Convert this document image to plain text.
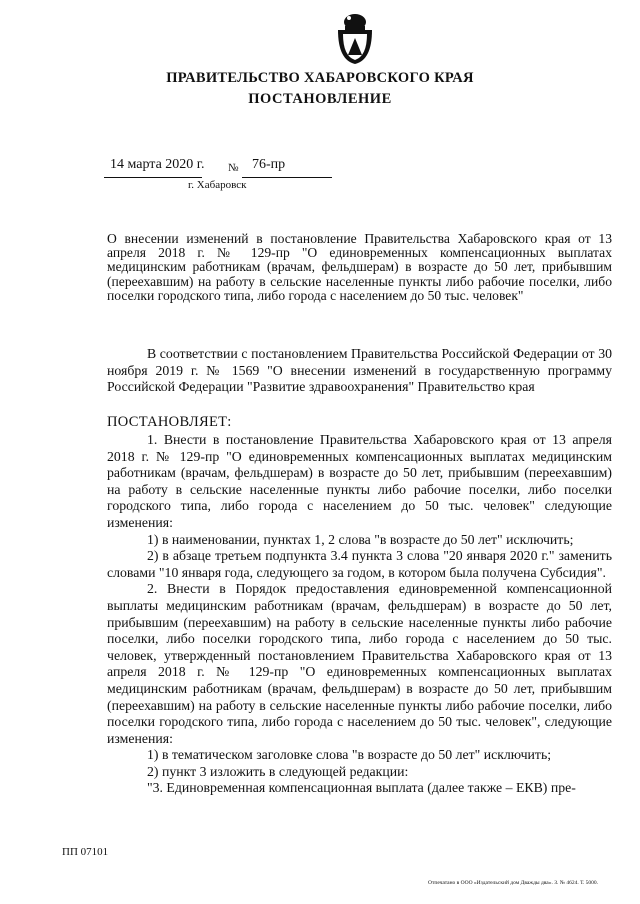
ПРАВИТЕЛЬСТВО ХАБАРОВСКОГО КРАЯ
ПОСТАНОВЛЕНИЕ
14 марта 2020 г. № 76-пр
г. Хабаровск
О внесении изменений в постановление Правительства Хабаровского края от 13 апреля 2018 г. № 129-пр "О единовременных компенсационных выплатах медицинским работникам (врачам, фельдшерам) в возрасте до 50 лет, прибывшим (переехавшим) на работу в сельские населенные пункты либо рабочие поселки, либо поселки городского типа, либо города с населением до 50 тыс. человек"

В соответствии с постановлением Правительства Российской Федерации от 30 ноября 2019 г. № 1569 "О внесении изменений в государственную программу Российской Федерации "Развитие здравоохранения" Правительство края

ПОСТАНОВЛЯЕТ:

1. Внести в постановление Правительства Хабаровского края от 13 апреля 2018 г. № 129-пр "О единовременных компенсационных выплатах медицинским работникам (врачам, фельдшерам) в возрасте до 50 лет, прибывшим (переехавшим) на работу в сельские населенные пункты либо рабочие поселки, либо поселки городского типа, либо города с населением до 50 тыс. человек" следующие изменения:

1) в наименовании, пунктах 1, 2 слова "в возрасте до 50 лет" исключить;

2) в абзаце третьем подпункта 3.4 пункта 3 слова "20 января 2020 г." заменить словами "10 января года, следующего за годом, в котором была получена Субсидия".

2. Внести в Порядок предоставления единовременной компенсационной выплаты медицинским работникам (врачам, фельдшерам) в возрасте до 50 лет, прибывшим (переехавшим) на работу в сельские населенные пункты либо рабочие поселки, либо поселки городского типа, либо города с населением до 50 тыс. человек, утвержденный постановлением Правительства Хабаровского края от 13 апреля 2018 г. № 129-пр "О единовременных компенсационных выплатах медицинским работникам (врачам, фельдшерам) в возрасте до 50 лет, прибывшим (переехавшим) на работу в сельские населенные пункты либо рабочие поселки, либо поселки городского типа, либо города с населением до 50 тыс. человек", следующие изменения:

1) в тематическом заголовке слова "в возрасте до 50 лет" исключить;

2) пункт 3 изложить в следующей редакции:

"3. Единовременная компенсационная выплата (далее также – ЕКВ) пре-

ПП 07101
Отпечатано в ООО «Издательский дом Дважды два». З. № 4624. Т. 5000.
